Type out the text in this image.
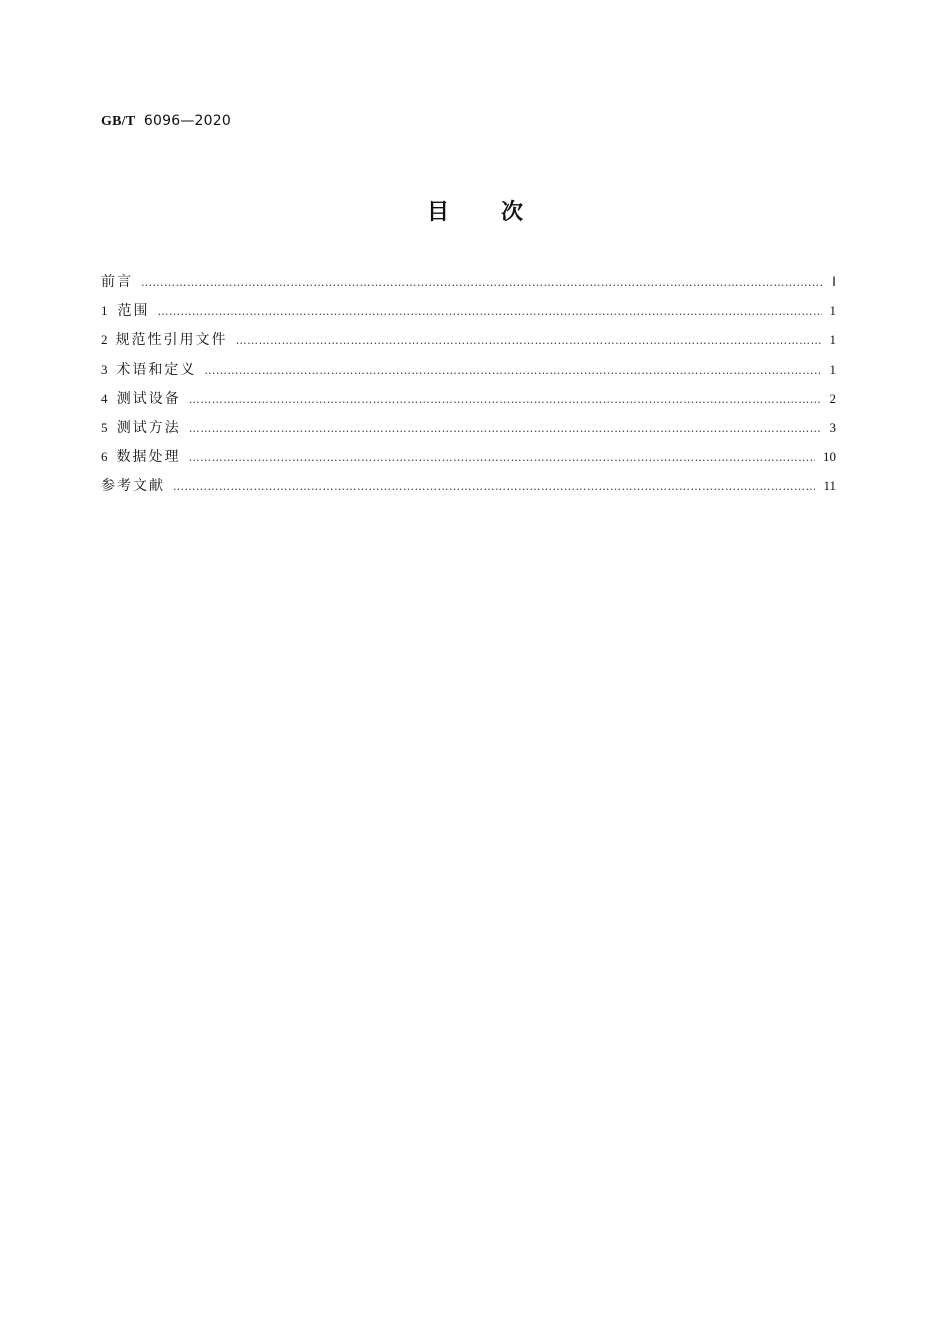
GB/T 6096—2020
目次
前言 …………………………………………………………………………………………………………………………………………………………………………………………………………………………………………………	Ⅰ
1 范围 …………………………………………………………………………………………………………………………………………………………………………………………………………………………………………………	1
2 规范性引用文件 …………………………………………………………………………………………………………………………………………………………………………………………………………………………………………………	1
3 术语和定义 …………………………………………………………………………………………………………………………………………………………………………………………………………………………………………………	1
4 测试设备 …………………………………………………………………………………………………………………………………………………………………………………………………………………………………………………	2
5 测试方法 …………………………………………………………………………………………………………………………………………………………………………………………………………………………………………………	3
6 数据处理 …………………………………………………………………………………………………………………………………………………………………………………………………………………………………………………	10
参考文献 …………………………………………………………………………………………………………………………………………………………………………………………………………………………………………………	11
